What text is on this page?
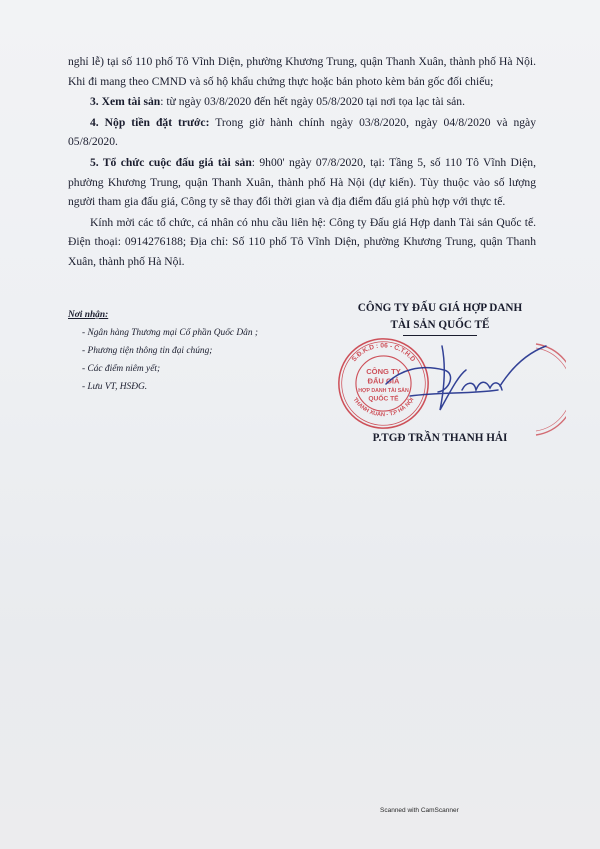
nghỉ lễ) tại số 110 phố Tô Vĩnh Diện, phường Khương Trung, quận Thanh Xuân, thành phố Hà Nội. Khi đi mang theo CMND và số hộ khẩu chứng thực hoặc bản photo kèm bản gốc đối chiếu;

3. Xem tài sản: từ ngày 03/8/2020 đến hết ngày 05/8/2020 tại nơi tọa lạc tài sản.

4. Nộp tiền đặt trước: Trong giờ hành chính ngày 03/8/2020, ngày 04/8/2020 và ngày 05/8/2020.

5. Tổ chức cuộc đấu giá tài sản: 9h00' ngày 07/8/2020, tại: Tầng 5, số 110 Tô Vĩnh Diện, phường Khương Trung, quận Thanh Xuân, thành phố Hà Nội (dự kiến). Tùy thuộc vào số lượng người tham gia đấu giá, Công ty sẽ thay đổi thời gian và địa điểm đấu giá phù hợp với thực tế.

Kính mời các tổ chức, cá nhân có nhu cầu liên hệ: Công ty Đấu giá Hợp danh Tài sản Quốc tế. Điện thoại: 0914276188; Địa chỉ: Số 110 phố Tô Vĩnh Diện, phường Khương Trung, quận Thanh Xuân, thành phố Hà Nội.

Nơi nhận:
- Ngân hàng Thương mại Cổ phần Quốc Dân ;
- Phương tiện thông tin đại chúng;
- Các điểm niêm yết;
- Lưu VT, HSĐG.
CÔNG TY ĐẤU GIÁ HỢP DANH
TÀI SẢN QUỐC TẾ
S.Đ.K.D : 06 - C.T.H.D
THANH XUÂN - T.P HÀ NỘI
CÔNG TY
ĐẤU GIÁ
HỢP DANH TÀI SẢN
QUỐC TẾ
P.TGĐ TRẦN THANH HẢI
Scanned with CamScanner
